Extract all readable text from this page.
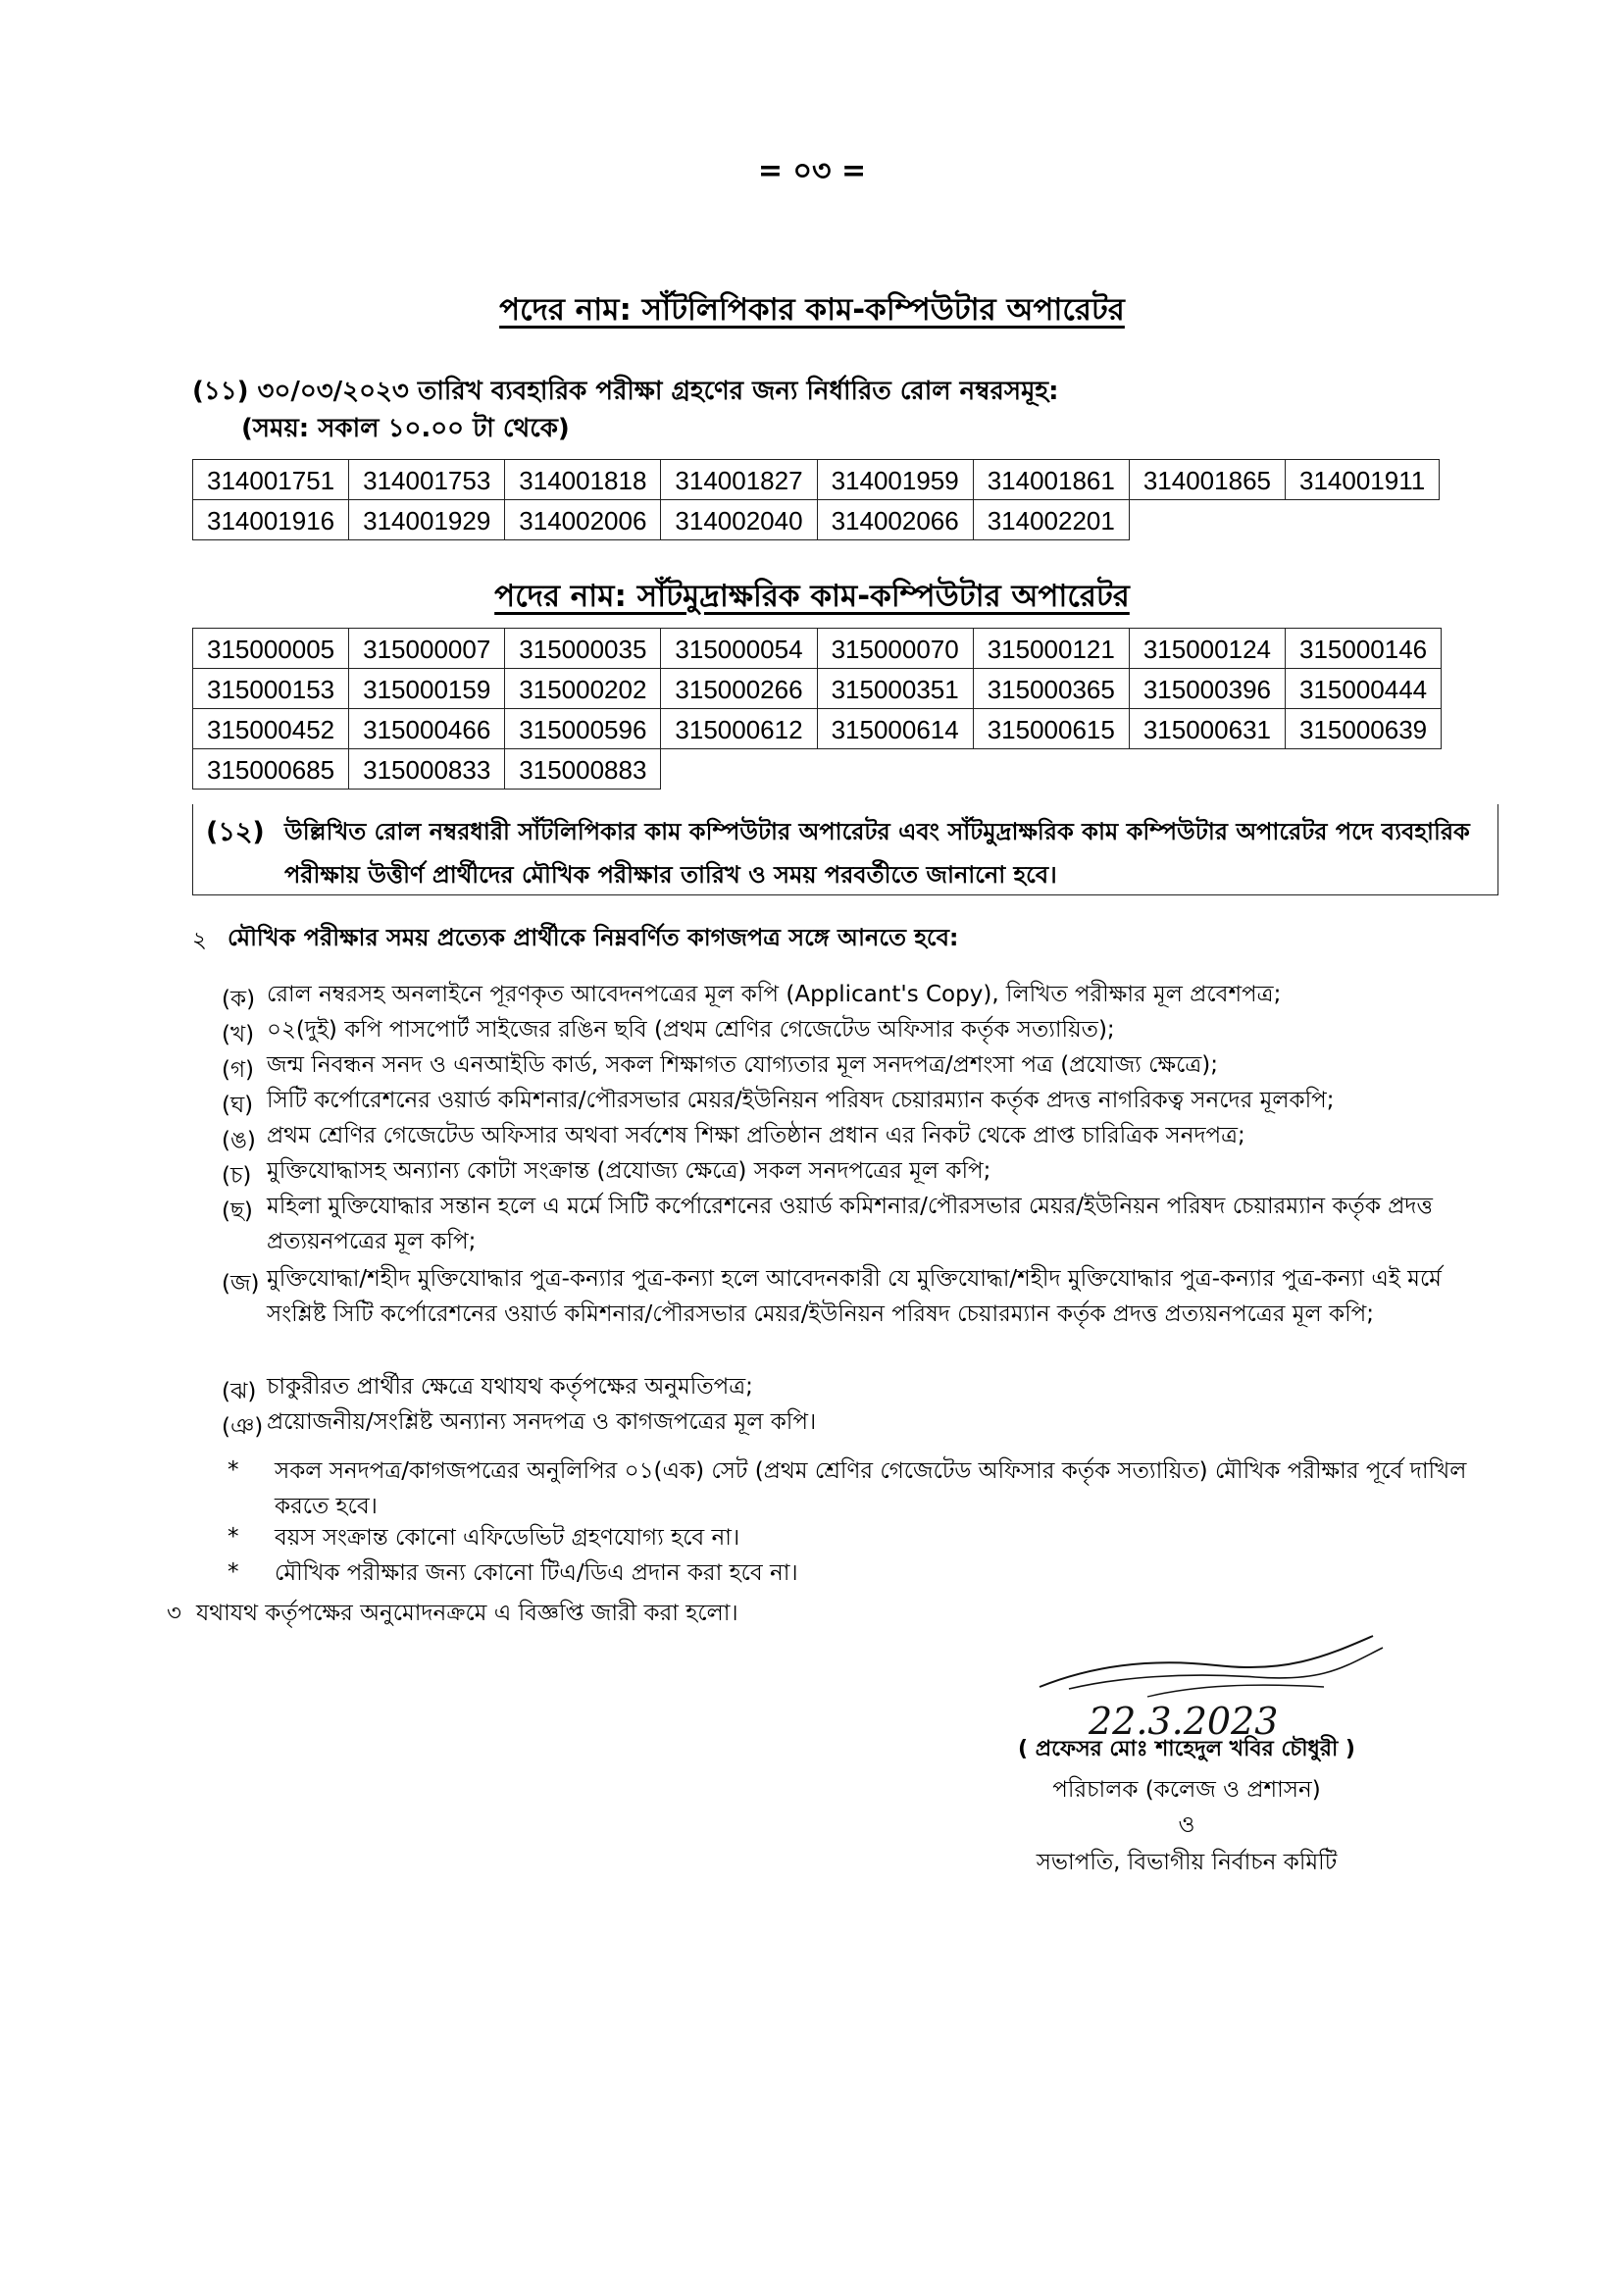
= ০৩ =
পদের নাম: সাঁটলিপিকার কাম-কম্পিউটার অপারেটর
(১১) ৩০/০৩/২০২৩ তারিখ ব্যবহারিক পরীক্ষা গ্রহণের জন্য নির্ধারিত রোল নম্বরসমূহ:
(সময়: সকাল ১০.০০ টা থেকে)
314001751	314001753	314001818	314001827	314001959	314001861	314001865	314001911
314001916	314001929	314002006	314002040	314002066	314002201		
পদের নাম: সাঁটমুদ্রাক্ষরিক কাম-কম্পিউটার অপারেটর
315000005	315000007	315000035	315000054	315000070	315000121	315000124	315000146
315000153	315000159	315000202	315000266	315000351	315000365	315000396	315000444
315000452	315000466	315000596	315000612	315000614	315000615	315000631	315000639
315000685	315000833	315000883					
(১২) উল্লিখিত রোল নম্বরধারী সাঁটলিপিকার কাম কম্পিউটার অপারেটর এবং সাঁটমুদ্রাক্ষরিক কাম কম্পিউটার অপারেটর পদে ব্যবহারিক পরীক্ষায় উত্তীর্ণ প্রার্থীদের মৌখিক পরীক্ষার তারিখ ও সময় পরবর্তীতে জানানো হবে।
২ মৌখিক পরীক্ষার সময় প্রত্যেক প্রার্থীকে নিম্নবর্ণিত কাগজপত্র সঙ্গে আনতে হবে:
(ক) রোল নম্বরসহ অনলাইনে পূরণকৃত আবেদনপত্রের মূল কপি (Applicant's Copy), লিখিত পরীক্ষার মূল প্রবেশপত্র;
(খ) ০২(দুই) কপি পাসপোর্ট সাইজের রঙিন ছবি (প্রথম শ্রেণির গেজেটেড অফিসার কর্তৃক সত্যায়িত);
(গ) জন্ম নিবন্ধন সনদ ও এনআইডি কার্ড, সকল শিক্ষাগত যোগ্যতার মূল সনদপত্র/প্রশংসা পত্র (প্রযোজ্য ক্ষেত্রে);
(ঘ) সিটি কর্পোরেশনের ওয়ার্ড কমিশনার/পৌরসভার মেয়র/ইউনিয়ন পরিষদ চেয়ারম্যান কর্তৃক প্রদত্ত নাগরিকত্ব সনদের মূলকপি;
(ঙ) প্রথম শ্রেণির গেজেটেড অফিসার অথবা সর্বশেষ শিক্ষা প্রতিষ্ঠান প্রধান এর নিকট থেকে প্রাপ্ত চারিত্রিক সনদপত্র;
(চ) মুক্তিযোদ্ধাসহ অন্যান্য কোটা সংক্রান্ত (প্রযোজ্য ক্ষেত্রে) সকল সনদপত্রের মূল কপি;
(ছ) মহিলা মুক্তিযোদ্ধার সন্তান হলে এ মর্মে সিটি কর্পোরেশনের ওয়ার্ড কমিশনার/পৌরসভার মেয়র/ইউনিয়ন পরিষদ চেয়ারম্যান কর্তৃক প্রদত্ত প্রত্যয়নপত্রের মূল কপি;
(জ) মুক্তিযোদ্ধা/শহীদ মুক্তিযোদ্ধার পুত্র-কন্যার পুত্র-কন্যা হলে আবেদনকারী যে মুক্তিযোদ্ধা/শহীদ মুক্তিযোদ্ধার পুত্র-কন্যার পুত্র-কন্যা এই মর্মে সংশ্লিষ্ট সিটি কর্পোরেশনের ওয়ার্ড কমিশনার/পৌরসভার মেয়র/ইউনিয়ন পরিষদ চেয়ারম্যান কর্তৃক প্রদত্ত প্রত্যয়নপত্রের মূল কপি;
(ঝ) চাকুরীরত প্রার্থীর ক্ষেত্রে যথাযথ কর্তৃপক্ষের অনুমতিপত্র;
(ঞ) প্রয়োজনীয়/সংশ্লিষ্ট অন্যান্য সনদপত্র ও কাগজপত্রের মূল কপি।
* সকল সনদপত্র/কাগজপত্রের অনুলিপির ০১(এক) সেট (প্রথম শ্রেণির গেজেটেড অফিসার কর্তৃক সত্যায়িত) মৌখিক পরীক্ষার পূর্বে দাখিল করতে হবে।
* বয়স সংক্রান্ত কোনো এফিডেভিট গ্রহণযোগ্য হবে না।
* মৌখিক পরীক্ষার জন্য কোনো টিএ/ডিএ প্রদান করা হবে না।
৩ যথাযথ কর্তৃপক্ষের অনুমোদনক্রমে এ বিজ্ঞপ্তি জারী করা হলো।
22.3.2023
( প্রফেসর মোঃ শাহেদুল খবির চৌধুরী )
পরিচালক (কলেজ ও প্রশাসন)
ও
সভাপতি, বিভাগীয় নির্বাচন কমিটি
